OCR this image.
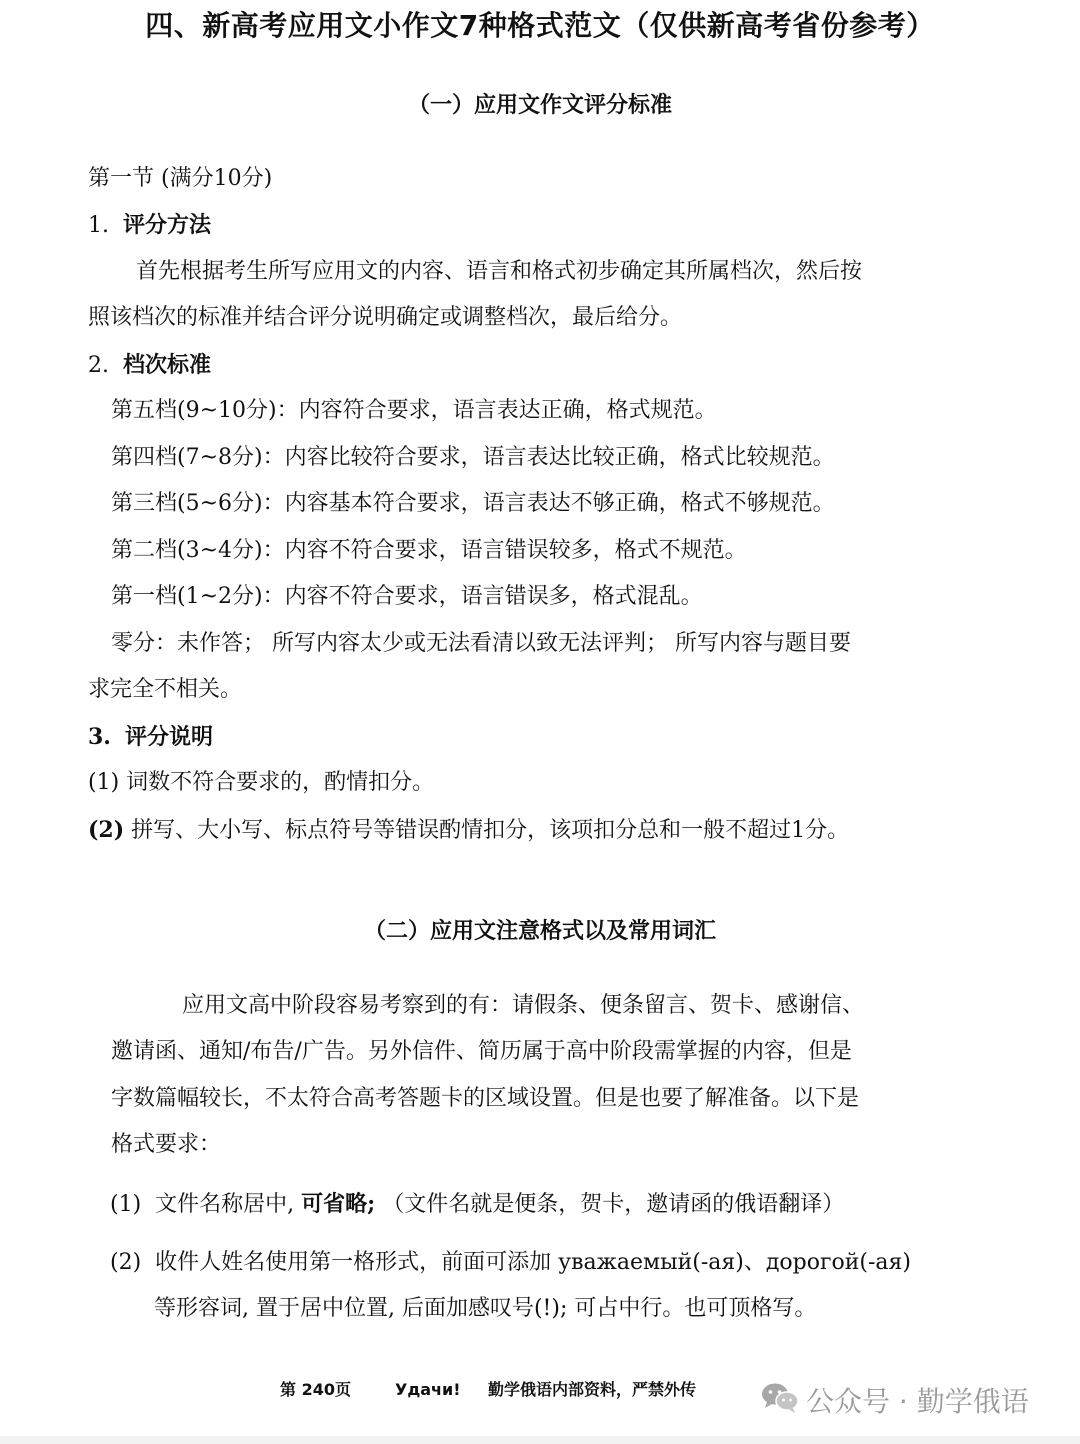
四、新高考应用文小作文7种格式范文（仅供新高考省份参考）
（一）应用文作文评分标准
第一节 (满分10分)
1. 评分方法
首先根据考生所写应用文的内容、语言和格式初步确定其所属档次，然后按
照该档次的标准并结合评分说明确定或调整档次，最后给分。
2. 档次标准
第五档(9~10分)：内容符合要求，语言表达正确，格式规范。
第四档(7~8分)：内容比较符合要求，语言表达比较正确，格式比较规范。
第三档(5~6分)：内容基本符合要求，语言表达不够正确，格式不够规范。
第二档(3~4分)：内容不符合要求，语言错误较多，格式不规范。
第一档(1~2分)：内容不符合要求，语言错误多，格式混乱。
零分：未作答； 所写内容太少或无法看清以致无法评判； 所写内容与题目要
求完全不相关。
3. 评分说明
(1) 词数不符合要求的，酌情扣分。
(2) 拼写、大小写、标点符号等错误酌情扣分，该项扣分总和一般不超过1分。
（二）应用文注意格式以及常用词汇
应用文高中阶段容易考察到的有：请假条、便条留言、贺卡、感谢信、
邀请函、通知/布告/广告。另外信件、简历属于高中阶段需掌握的内容，但是
字数篇幅较长，不太符合高考答题卡的区域设置。但是也要了解准备。以下是
格式要求：
(1) 文件名称居中, 可省略; （文件名就是便条，贺卡，邀请函的俄语翻译）
(2) 收件人姓名使用第一格形式，前面可添加 уважаемый(-ая)、дорогой(-ая)
等形容词, 置于居中位置, 后面加感叹号(!); 可占中行。也可顶格写。
第 240页	Удачи! 勤学俄语内部资料，严禁外传	公众号 · 勤学俄语
